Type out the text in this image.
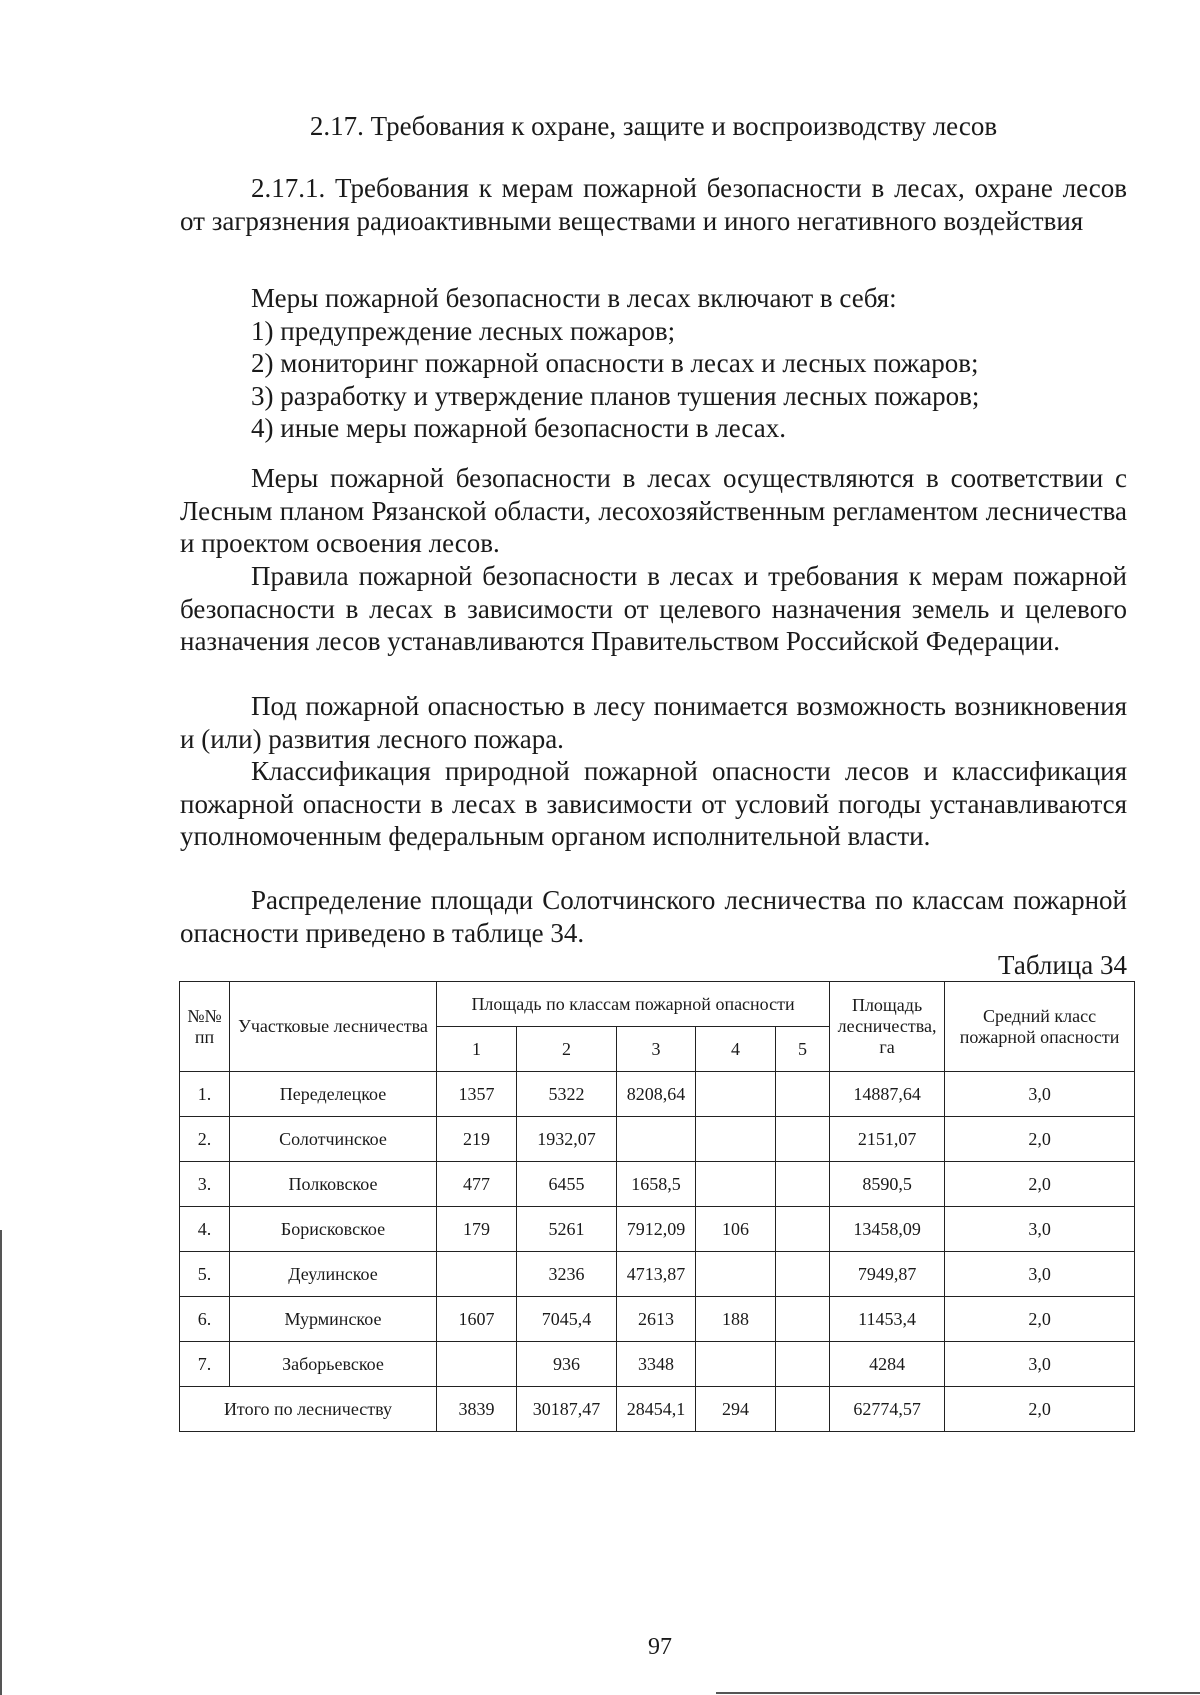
2.17. Требования к охране, защите и воспроизводству лесов
2.17.1. Требования к мерам пожарной безопасности в лесах, охране лесов от загрязнения радиоактивными веществами и иного негативного воздействия
Меры пожарной безопасности в лесах включают в себя:
1) предупреждение лесных пожаров;
2) мониторинг пожарной опасности в лесах и лесных пожаров;
3) разработку и утверждение планов тушения лесных пожаров;
4) иные меры пожарной безопасности в лесах.
Меры пожарной безопасности в лесах осуществляются в соответствии с Лесным планом Рязанской области, лесохозяйственным регламентом лесничества и проектом освоения лесов.
Правила пожарной безопасности в лесах и требования к мерам пожарной безопасности в лесах в зависимости от целевого назначения земель и целевого назначения лесов устанавливаются Правительством Российской Федерации.
Под пожарной опасностью в лесу понимается возможность возникновения и (или) развития лесного пожара.
Классификация природной пожарной опасности лесов и классификация пожарной опасности в лесах в зависимости от условий погоды устанавливаются уполномоченным федеральным органом исполнительной власти.
Распределение площади Солотчинского лесничества по классам пожарной опасности приведено в таблице 34.
Таблица 34
№№ пп	Участковые лесничества	Площадь по классам пожарной опасности					Площадь лесничества, га	Средний класс пожарной опасности
		1	2	3	4	5		
1.	Переделецкое	1357	5322	8208,64			14887,64	3,0
2.	Солотчинское	219	1932,07				2151,07	2,0
3.	Полковское	477	6455	1658,5			8590,5	2,0
4.	Борисковское	179	5261	7912,09	106		13458,09	3,0
5.	Деулинское		3236	4713,87			7949,87	3,0
6.	Мурминское	1607	7045,4	2613	188		11453,4	2,0
7.	Заборьевское		936	3348			4284	3,0
Итого по лесничеству		3839	30187,47	28454,1	294		62774,57	2,0
97
